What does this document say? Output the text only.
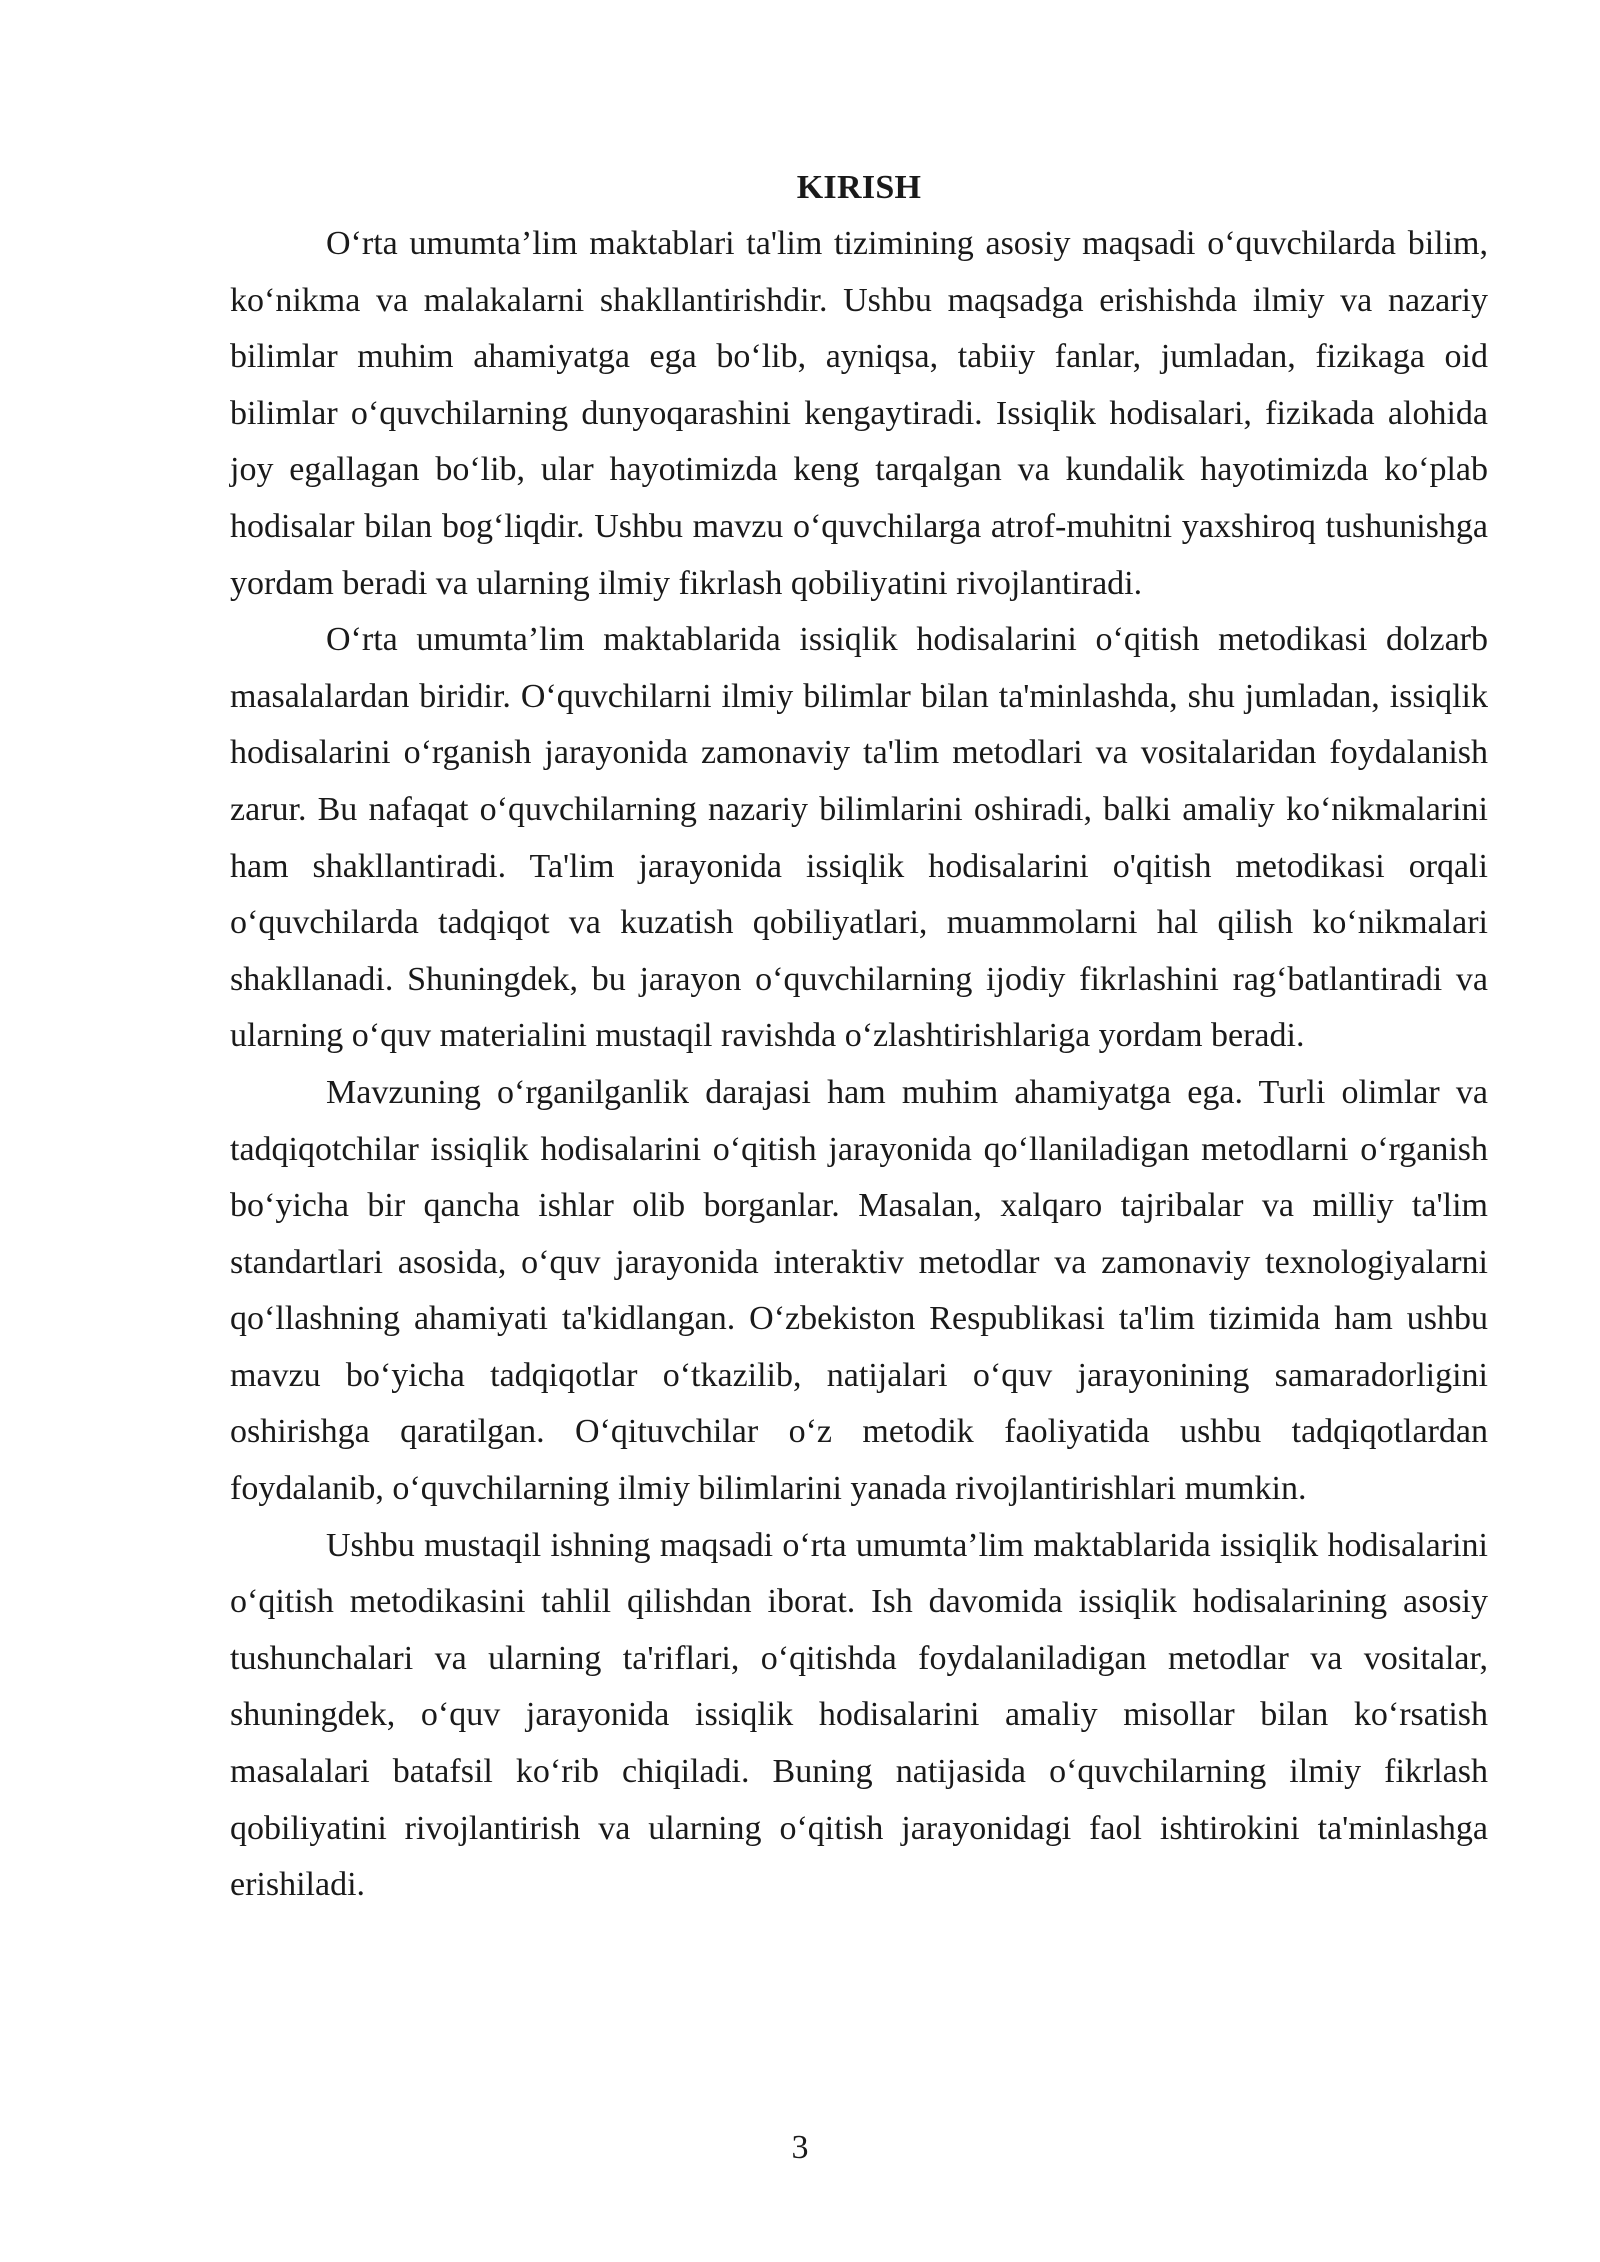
KIRISH

O‘rta umumta’lim maktablari ta'lim tizimining asosiy maqsadi o‘quvchilarda bilim, ko‘nikma va malakalarni shakllantirishdir. Ushbu maqsadga erishishda ilmiy va nazariy bilimlar muhim ahamiyatga ega bo‘lib, ayniqsa, tabiiy fanlar, jumladan, fizikaga oid bilimlar o‘quvchilarning dunyoqarashini kengaytiradi. Issiqlik hodisalari, fizikada alohida joy egallagan bo‘lib, ular hayotimizda keng tarqalgan va kundalik hayotimizda ko‘plab hodisalar bilan bog‘liqdir. Ushbu mavzu o‘quvchilarga atrof-muhitni yaxshiroq tushunishga yordam beradi va ularning ilmiy fikrlash qobiliyatini rivojlantiradi.

O‘rta umumta’lim maktablarida issiqlik hodisalarini o‘qitish metodikasi dolzarb masalalardan biridir. O‘quvchilarni ilmiy bilimlar bilan ta'minlashda, shu jumladan, issiqlik hodisalarini o‘rganish jarayonida zamonaviy ta'lim metodlari va vositalaridan foydalanish zarur. Bu nafaqat o‘quvchilarning nazariy bilimlarini oshiradi, balki amaliy ko‘nikmalarini ham shakllantiradi. Ta'lim jarayonida issiqlik hodisalarini o'qitish metodikasi orqali o‘quvchilarda tadqiqot va kuzatish qobiliyatlari, muammolarni hal qilish ko‘nikmalari shakllanadi. Shuningdek, bu jarayon o‘quvchilarning ijodiy fikrlashini rag‘batlantiradi va ularning o‘quv materialini mustaqil ravishda o‘zlashtirishlariga yordam beradi.

Mavzuning o‘rganilganlik darajasi ham muhim ahamiyatga ega. Turli olimlar va tadqiqotchilar issiqlik hodisalarini o‘qitish jarayonida qo‘llaniladigan metodlarni o‘rganish bo‘yicha bir qancha ishlar olib borganlar. Masalan, xalqaro tajribalar va milliy ta'lim standartlari asosida, o‘quv jarayonida interaktiv metodlar va zamonaviy texnologiyalarni qo‘llashning ahamiyati ta'kidlangan. O‘zbekiston Respublikasi ta'lim tizimida ham ushbu mavzu bo‘yicha tadqiqotlar o‘tkazilib, natijalari o‘quv jarayonining samaradorligini oshirishga qaratilgan. O‘qituvchilar o‘z metodik faoliyatida ushbu tadqiqotlardan foydalanib, o‘quvchilarning ilmiy bilimlarini yanada rivojlantirishlari mumkin.

Ushbu mustaqil ishning maqsadi o‘rta umumta’lim maktablarida issiqlik hodisalarini o‘qitish metodikasini tahlil qilishdan iborat. Ish davomida issiqlik hodisalarining asosiy tushunchalari va ularning ta'riflari, o‘qitishda foydalaniladigan metodlar va vositalar, shuningdek, o‘quv jarayonida issiqlik hodisalarini amaliy misollar bilan ko‘rsatish masalalari batafsil ko‘rib chiqiladi. Buning natijasida o‘quvchilarning ilmiy fikrlash qobiliyatini rivojlantirish va ularning o‘qitish jarayonidagi faol ishtirokini ta'minlashga erishiladi.

3
